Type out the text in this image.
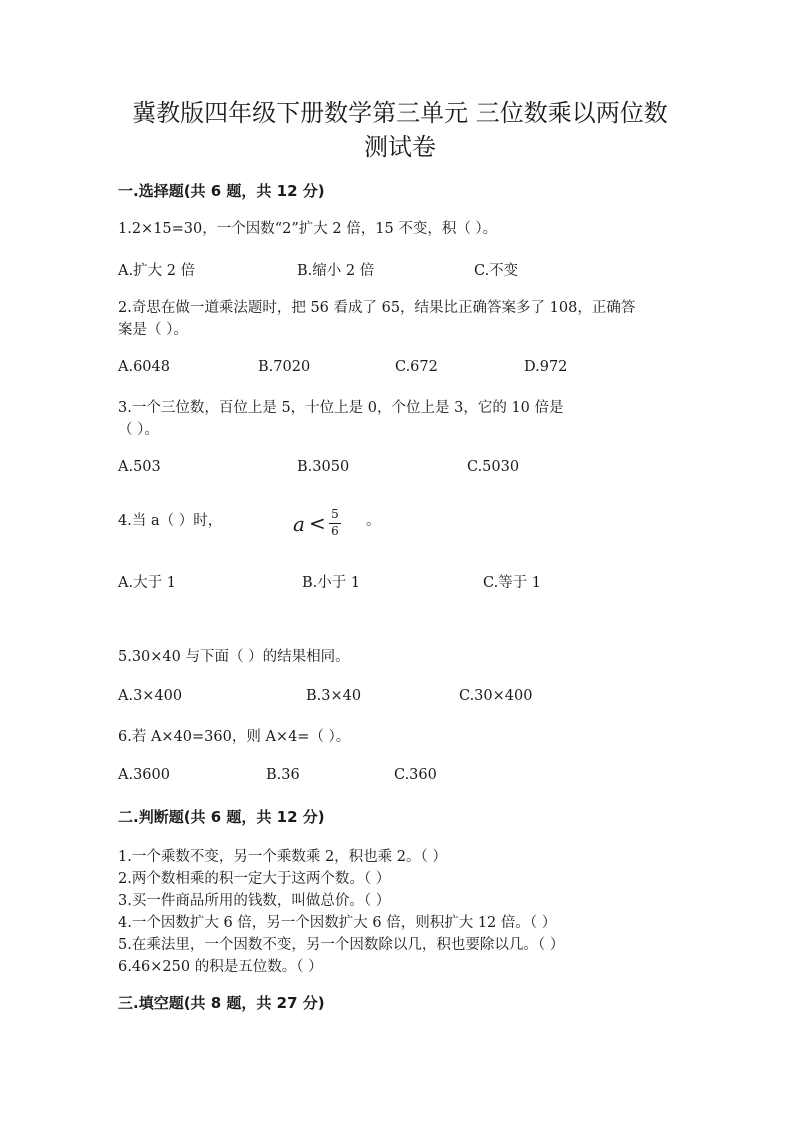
冀教版四年级下册数学第三单元 三位数乘以两位数
测试卷
一.选择题(共 6 题，共 12 分)
1.2×15=30，一个因数“2”扩大 2 倍，15 不变，积（ ）。
A.扩大 2 倍	B.缩小 2 倍	C.不变
2.奇思在做一道乘法题时，把 56 看成了 65，结果比正确答案多了 108，正确答
案是（ ）。
A.6048	B.7020	C.672	D.972
3.一个三位数，百位上是 5，十位上是 0，个位上是 3，它的 10 倍是
（ ）。
A.503	B.3050	C.5030
4.当 a（ ）时，	a < 5
6
。
A.大于 1	B.小于 1	C.等于 1
5.30×40 与下面（ ）的结果相同。
A.3×400	B.3×40	C.30×400
6.若 A×40=360，则 A×4=（ ）。
A.3600	B.36	C.360
二.判断题(共 6 题，共 12 分)
1.一个乘数不变，另一个乘数乘 2，积也乘 2。（ ）
2.两个数相乘的积一定大于这两个数。（ ）
3.买一件商品所用的钱数，叫做总价。（ ）
4.一个因数扩大 6 倍，另一个因数扩大 6 倍，则积扩大 12 倍。（ ）
5.在乘法里，一个因数不变，另一个因数除以几，积也要除以几。（ ）
6.46×250 的积是五位数。（ ）
三.填空题(共 8 题，共 27 分)
